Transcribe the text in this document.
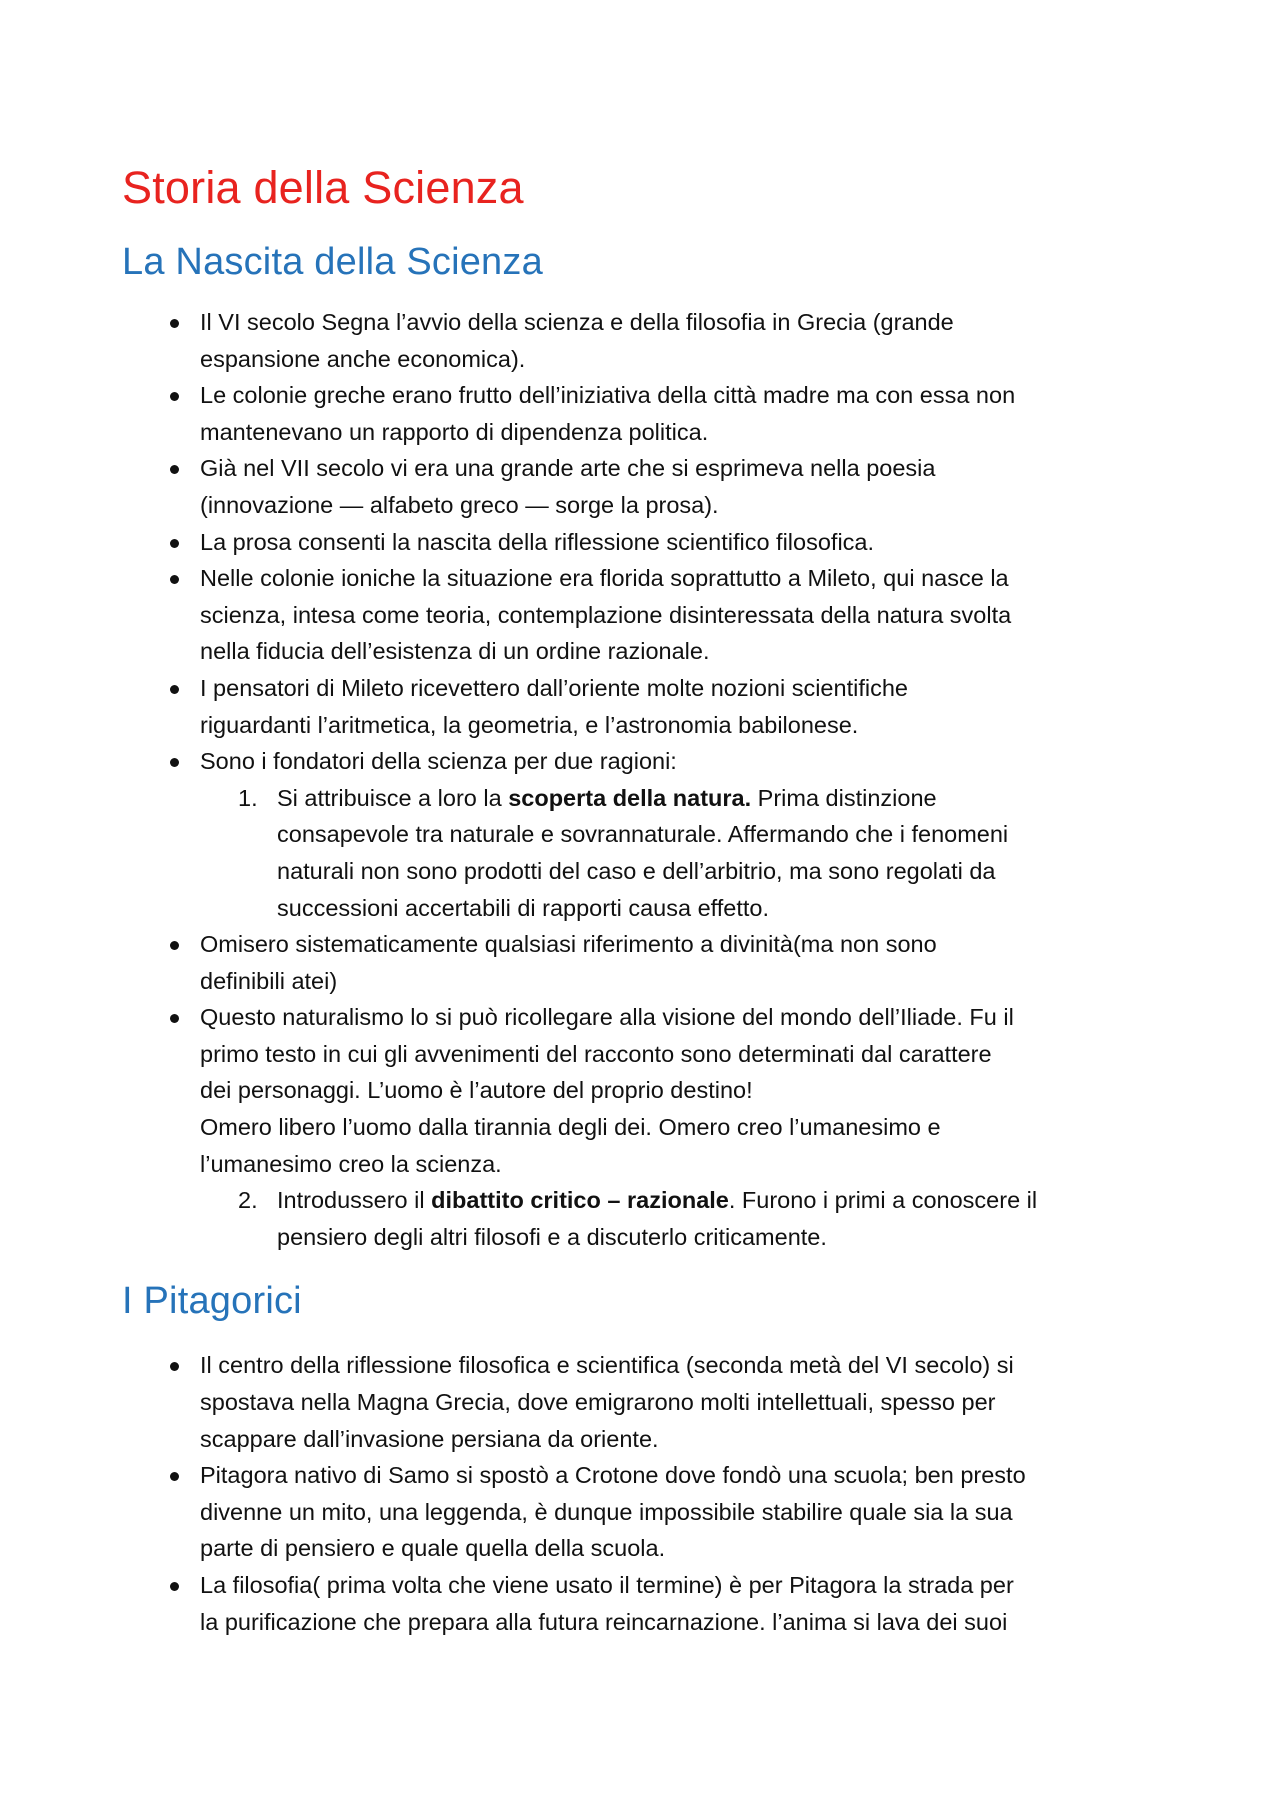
Storia della Scienza
La Nascita della Scienza
Il VI secolo Segna l’avvio della scienza e della filosofia in Grecia (grande
espansione anche economica).
Le colonie greche erano frutto dell’iniziativa della città madre ma con essa non
mantenevano un rapporto di dipendenza politica.
Già nel VII secolo vi era una grande arte che si esprimeva nella poesia
(innovazione — alfabeto greco — sorge la prosa).
La prosa consenti la nascita della riflessione scientifico filosofica.
Nelle colonie ioniche la situazione era florida soprattutto a Mileto, qui nasce la
scienza, intesa come teoria, contemplazione disinteressata della natura svolta
nella fiducia dell’esistenza di un ordine razionale.
I pensatori di Mileto ricevettero dall’oriente molte nozioni scientifiche
riguardanti l’aritmetica, la geometria, e l’astronomia babilonese.
Sono i fondatori della scienza per due ragioni:
1. Si attribuisce a loro la scoperta della natura. Prima distinzione
consapevole tra naturale e sovrannaturale. Affermando che i fenomeni
naturali non sono prodotti del caso e dell’arbitrio, ma sono regolati da
successioni accertabili di rapporti causa effetto.
Omisero sistematicamente qualsiasi riferimento a divinità(ma non sono
definibili atei)
Questo naturalismo lo si può ricollegare alla visione del mondo dell’Iliade. Fu il
primo testo in cui gli avvenimenti del racconto sono determinati dal carattere
dei personaggi. L’uomo è l’autore del proprio destino!
Omero libero l’uomo dalla tirannia degli dei. Omero creo l’umanesimo e
l’umanesimo creo la scienza.
2. Introdussero il dibattito critico – razionale. Furono i primi a conoscere il
pensiero degli altri filosofi e a discuterlo criticamente.
I Pitagorici
Il centro della riflessione filosofica e scientifica (seconda metà del VI secolo) si
spostava nella Magna Grecia, dove emigrarono molti intellettuali, spesso per
scappare dall’invasione persiana da oriente.
Pitagora nativo di Samo si spostò a Crotone dove fondò una scuola; ben presto
divenne un mito, una leggenda, è dunque impossibile stabilire quale sia la sua
parte di pensiero e quale quella della scuola.
La filosofia( prima volta che viene usato il termine) è per Pitagora la strada per
la purificazione che prepara alla futura reincarnazione. l’anima si lava dei suoi
